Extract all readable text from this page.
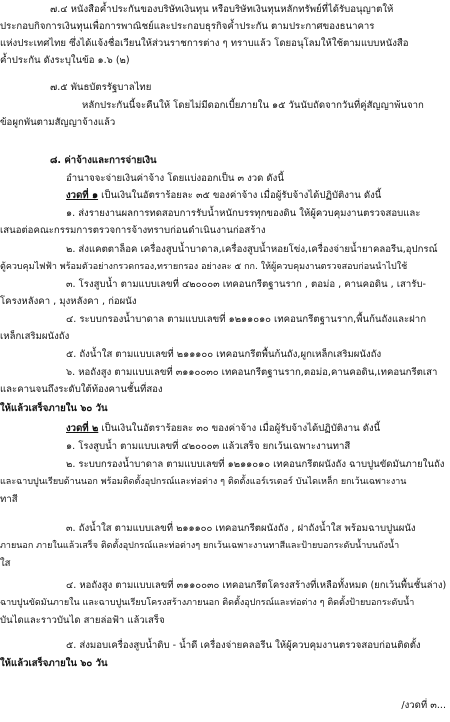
๗.๔ หนังสือค้ำประกันของบริษัทเงินทุน หรือบริษัทเงินทุนหลักทรัพย์ที่ได้รับอนุญาตให้
ประกอบกิจการเงินทุนเพื่อการพาณิชย์และประกอบธุรกิจค้ำประกัน ตามประกาศของธนาคาร
แห่งประเทศไทย ซึ่งได้แจ้งชื่อเวียนให้ส่วนราชการต่าง ๆ ทราบแล้ว โดยอนุโลมให้ใช้ตามแบบหนังสือ
ค้ำประกัน ดังระบุในข้อ ๑.๖ (๒)
๗.๕ พันธบัตรรัฐบาลไทย
หลักประกันนี้จะคืนให้ โดยไม่มีดอกเบี้ยภายใน ๑๕ วันนับถัดจากวันที่คู่สัญญาพ้นจาก
ข้อผูกพันตามสัญญาจ้างแล้ว
๘. ค่าจ้างและการจ่ายเงิน
อำนาจจะจ่ายเงินค่าจ้าง โดยแบ่งออกเป็น ๓ งวด ดังนี้
งวดที่ ๑ เป็นเงินในอัตราร้อยละ ๓๕ ของค่าจ้าง เมื่อผู้รับจ้างได้ปฏิบัติงาน ดังนี้
๑. ส่งรายงานผลการทดสอบการรับน้ำหนักบรรทุกของดิน ให้ผู้ควบคุมงานตรวจสอบและ
เสนอต่อคณะกรรมการตรวจการจ้างทราบก่อนดำเนินงานก่อสร้าง
๒. ส่งแคตตาล็อค เครื่องสูบน้ำบาดาล,เครื่องสูบน้ำหอยโข่ง,เครื่องจ่ายน้ำยาคลอรีน,อุปกรณ์
ตู้ควบคุมไฟฟ้า พร้อมตัวอย่างกรวดกรอง,ทรายกรอง อย่างละ ๕ กก. ให้ผู้ควบคุมงานตรวจสอบก่อนนำไปใช้
๓. โรงสูบน้ำ ตามแบบเลขที่ ๔๒๐๐๐๓ เทคอนกรีตฐานราก , ตอม่อ , คานคอดิน , เสารับ-
โครงหลังคา , มุงหลังคา , ก่อผนัง
๔. ระบบกรองน้ำบาดาล ตามแบบเลขที่ ๑๒๑๑๐๑๐ เทคอนกรีตฐานราก,พื้นก้นถังและฝาก
เหล็กเสริมผนังถัง
๕. ถังน้ำใส ตามแบบเลขที่ ๒๑๑๑๐๐ เทคอนกรีตพื้นก้นถัง,ผูกเหล็กเสริมผนังถัง
๖. หอถังสูง ตามแบบเลขที่ ๓๑๑๐๐๓๐ เทคอนกรีตฐานราก,ตอม่อ,คานคอดิน,เทคอนกรีตเสา
และคานจนถึงระดับใต้ท้องคานชั้นที่สอง
ให้แล้วเสร็จภายใน ๖๐ วัน
งวดที่ ๒ เป็นเงินในอัตราร้อยละ ๓๐ ของค่าจ้าง เมื่อผู้รับจ้างได้ปฏิบัติงาน ดังนี้
๑. โรงสูบน้ำ ตามแบบเลขที่ ๔๒๐๐๐๓ แล้วเสร็จ ยกเว้นเฉพาะงานทาสี
๒. ระบบกรองน้ำบาดาล ตามแบบเลขที่ ๑๒๑๑๐๑๐ เทคอนกรีตผนังถัง ฉาบปูนขัดมันภายในถัง
และฉาบปูนเรียบด้านนอก พร้อมติดตั้งอุปกรณ์และท่อต่าง ๆ ติดตั้งแอร์เรเตอร์ บันไดเหล็ก ยกเว้นเฉพาะงาน
ทาสี
๓. ถังน้ำใส ตามแบบเลขที่ ๒๑๑๑๐๐ เทคอนกรีตผนังถัง , ฝาถังน้ำใส พร้อมฉาบปูนผนัง
ภายนอก ภายในแล้วเสร็จ ติดตั้งอุปกรณ์และท่อต่างๆ ยกเว้นเฉพาะงานทาสีและป้ายบอกระดับน้ำบนถังน้ำ
ใส
๔. หอถังสูง ตามแบบเลขที่ ๓๑๑๐๐๓๐ เทคอนกรีตโครงสร้างที่เหลือทั้งหมด (ยกเว้นพื้นชั้นล่าง)
ฉาบปูนขัดมันภายใน และฉาบปูนเรียบโครงสร้างภายนอก ติดตั้งอุปกรณ์และท่อต่าง ๆ ติดตั้งป้ายบอกระดับน้ำ
บันไดและราวบันได สายล่อฟ้า แล้วเสร็จ
๕. ส่งมอบเครื่องสูบน้ำดิบ - น้ำดี เครื่องจ่ายคลอรีน ให้ผู้ควบคุมงานตรวจสอบก่อนติดตั้ง
ให้แล้วเสร็จภายใน ๖๐ วัน
/งวดที่ ๓...
